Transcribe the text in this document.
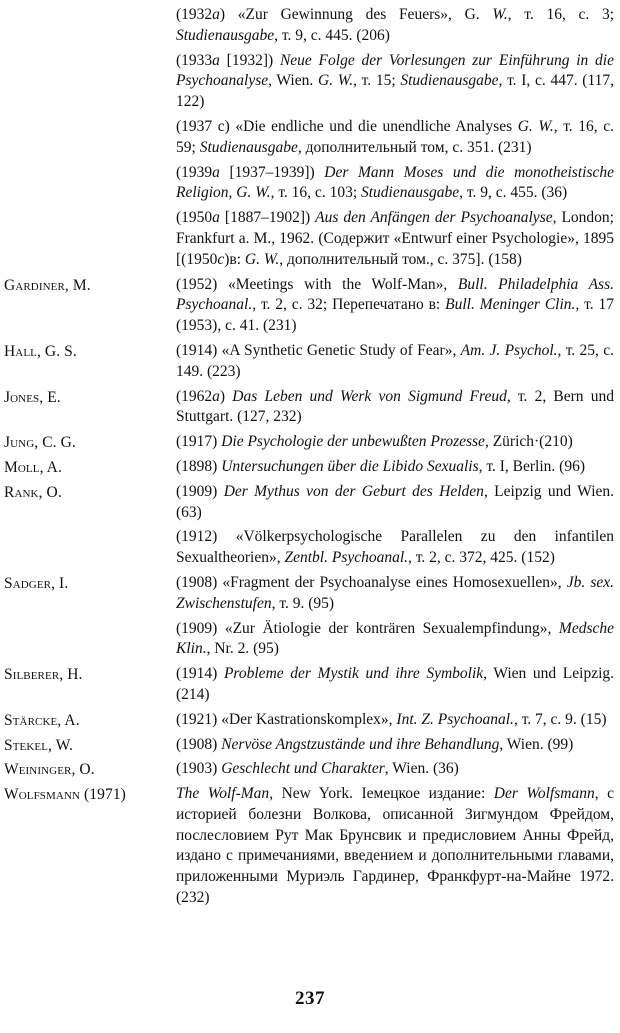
(1932a) «Zur Gewinnung des Feuers», G. W., т. 16, с. 3; Studienausgabe, т. 9, с. 445. (206)
(1933a [1932]) Neue Folge der Vorlesungen zur Einführung in die Psychoanalyse, Wien. G. W., т. 15; Studienausgabe, т. I, с. 447. (117, 122)
(1937 c) «Die endliche und die unendliche Analyses G. W., т. 16, с. 59; Studienausgabe, дополнительный том, с. 351. (231)
(1939a [1937–1939]) Der Mann Moses und die monotheistische Religion, G. W., т. 16, с. 103; Studienausgabe, т. 9, с. 455. (36)
(1950a [1887–1902]) Aus den Anfängen der Psychoanalyse, London; Frankfurt a. M., 1962. (Содержит «Entwurf einer Psychologie», 1895 [(1950c)в: G. W., дополнительный том., с. 375]. (158)
Gardiner, M.	(1952) «Meetings with the Wolf-Man», Bull. Philadelphia Ass. Psychoanal., т. 2, с. 32; Перепечатано в: Bull. Meninger Clin., т. 17 (1953), с. 41. (231)
Hall, G. S.	(1914) «A Synthetic Genetic Study of Fear», Am. J. Psychol., т. 25, с. 149. (223)
Jones, E.	(1962a) Das Leben und Werk von Sigmund Freud, т. 2, Bern und Stuttgart. (127, 232)
Jung, C. G.	(1917) Die Psychologie der unbewußten Prozesse, Zürich·(210)
Moll, A.	(1898) Untersuchungen über die Libido Sexualis, т. I, Berlin. (96)
Rank, O.	(1909) Der Mythus von der Geburt des Helden, Leipzig und Wien. (63)
(1912) «Völkerpsychologische Parallelen zu den infantilen Sexualtheorien», Zentbl. Psychoanal., т. 2, с. 372, 425. (152)
Sadger, I.	(1908) «Fragment der Psychoanalyse eines Homosexuellen», Jb. sex. Zwischenstufen, т. 9. (95)
(1909) «Zur Ätiologie der konträren Sexualempfindung», Medsche Klin., Nr. 2. (95)
Silberer, H.	(1914) Probleme der Mystik und ihre Symbolik, Wien und Leipzig. (214)
Stärcke, A.	(1921) «Der Kastrationskomplex», Int. Z. Psychoanal., т. 7, с. 9. (15)
Stekel, W.	(1908) Nervöse Angstzustände und ihre Behandlung, Wien. (99)
Weininger, O.	(1903) Geschlecht und Charakter, Wien. (36)
Wolfsmann (1971)	The Wolf-Man, New York. Іемецкое издание: Der Wolfsmann, с историей болезни Волкова, описанной Зигмундом Фрейдом, послесловием Рут Мак Брунсвик и предисловием Анны Фрейд, издано с примечаниями, введением и дополнительными главами, приложенными Муриэль Гардинер, Франкфурт-на-Майне 1972. (232)
237
